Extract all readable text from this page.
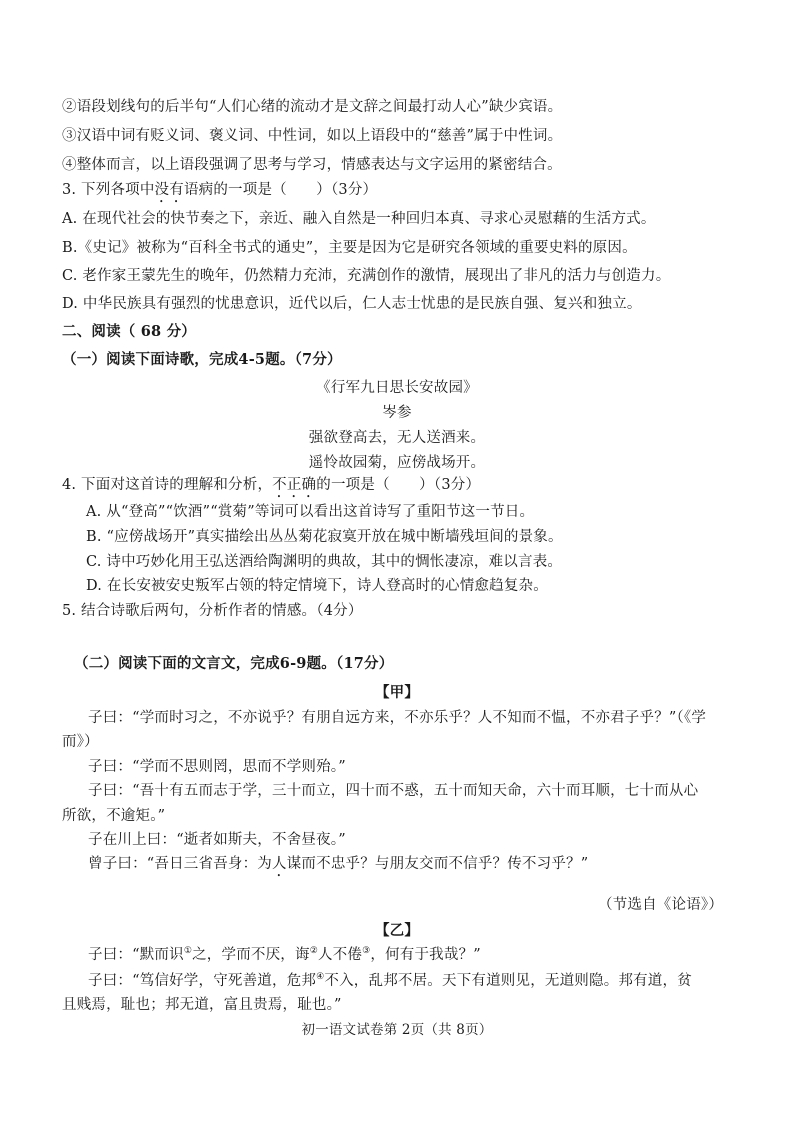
②语段划线句的后半句“人们心绪的流动才是文辞之间最打动人心”缺少宾语。
③汉语中词有贬义词、褒义词、中性词，如以上语段中的“慈善”属于中性词。
④整体而言，以上语段强调了思考与学习，情感表达与文字运用的紧密结合。
3. 下列各项中没有语病的一项是（　　）（3分）
A. 在现代社会的快节奏之下，亲近、融入自然是一种回归本真、寻求心灵慰藉的生活方式。
B.《史记》被称为“百科全书式的通史”，主要是因为它是研究各领域的重要史料的原因。
C. 老作家王蒙先生的晚年，仍然精力充沛，充满创作的激情，展现出了非凡的活力与创造力。
D. 中华民族具有强烈的忧患意识，近代以后，仁人志士忧患的是民族自强、复兴和独立。
二、阅读（ 68 分）
（一）阅读下面诗歌，完成4-5题。（7分）
《行军九日思长安故园》
岑参
强欲登高去，无人送酒来。
遥怜故园菊，应傍战场开。
4. 下面对这首诗的理解和分析，不正确的一项是（　　）（3分）
A. 从“登高”“饮酒”“赏菊”等词可以看出这首诗写了重阳节这一节日。
B. “应傍战场开”真实描绘出丛丛菊花寂寞开放在城中断墙残垣间的景象。
C. 诗中巧妙化用王弘送酒给陶渊明的典故，其中的惆怅凄凉，难以言表。
D. 在长安被安史叛军占领的特定情境下，诗人登高时的心情愈趋复杂。
5. 结合诗歌后两句，分析作者的情感。（4分）
（二）阅读下面的文言文，完成6-9题。（17分）
【甲】
子曰：“学而时习之，不亦说乎？有朋自远方来，不亦乐乎？人不知而不愠，不亦君子乎？”（《学
而》）
子曰：“学而不思则罔，思而不学则殆。”
子曰：“吾十有五而志于学，三十而立，四十而不惑，五十而知天命，六十而耳顺，七十而从心
所欲，不逾矩。”
子在川上曰：“逝者如斯夫，不舍昼夜。”
曾子曰：“吾日三省吾身：为人谋而不忠乎？与朋友交而不信乎？传不习乎？”
（节选自《论语》）
【乙】
子曰：“默而识①之，学而不厌，诲②人不倦③，何有于我哉？”
子曰：“笃信好学，守死善道，危邦④不入，乱邦不居。天下有道则见，无道则隐。邦有道，贫
且贱焉，耻也；邦无道，富且贵焉，耻也。”
初一语文试卷第 2页（共 8页）
